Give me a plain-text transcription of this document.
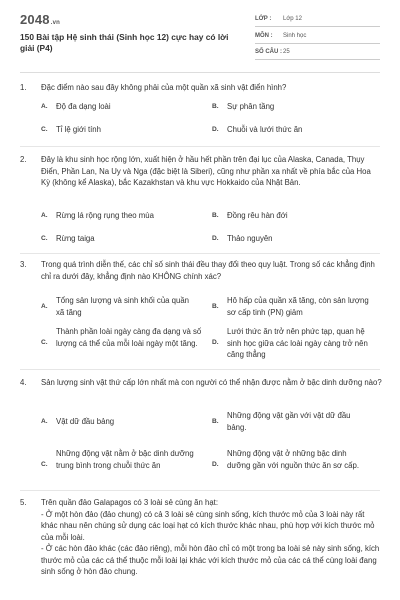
2048.vn
150 Bài tập Hệ sinh thái (Sinh học 12) cực hay có lời giải (P4)
LỚP : Lớp 12
MÔN : Sinh học
SỐ CÂU : 25
1.	Đặc điểm nào sau đây không phải của một quần xã sinh vật điển hình?
A. Độ đa dạng loài	B. Sự phân tầng
C. Tỉ lệ giới tính	D. Chuỗi và lưới thức ăn
2.	Đây là khu sinh học rộng lớn, xuất hiện ở hầu hết phần trên đại lục của Alaska, Canada, Thụy Điển, Phần Lan, Na Uy và Nga (đặc biệt là Siberi), cũng như phần xa nhất về phía bắc của Hoa Kỳ (không kể Alaska), bắc Kazakhstan và khu vực Hokkaido của Nhật Bản.
A. Rừng lá rộng rụng theo mùa	B. Đồng rêu hàn đới
C. Rừng taiga	D. Thảo nguyên
3.	Trong quá trình diễn thế, các chỉ số sinh thái đều thay đổi theo quy luật. Trong số các khẳng định chỉ ra dưới đây, khẳng định nào KHÔNG chính xác?
A.
Tổng sản lượng và sinh khối của quần xã tăng
B.
Hô hấp của quần xã tăng, còn sản lượng sơ cấp tinh (PN) giảm
C.
Thành phần loài ngày càng đa dạng và số lượng cá thể của mỗi loài ngày một tăng.	D.
Lưới thức ăn trở nên phức tạp, quan hệ sinh học giữa các loài ngày càng trở nên căng thẳng
4.	Sản lượng sinh vật thứ cấp lớn nhất mà con người có thể nhận được nằm ở bậc dinh dưỡng nào?
A. Vật dữ đầu bảng	B.
Những động vật gần với vật dữ đầu bảng.
C.
Những động vật nằm ở bậc dinh dưỡng trung bình trong chuỗi thức ăn	D.
Những động vật ở những bậc dinh dưỡng gần với nguồn thức ăn sơ cấp.
5.	Trên quần đảo Galapagos có 3 loài sẻ cùng ăn hạt:

- Ở một hòn đảo (đảo chung) có cả 3 loài sẻ cùng sinh sống, kích thước mỏ của 3 loài này rất khác nhau nên chúng sử dụng các loại hạt có kích thước khác nhau, phù hợp với kích thước mỏ của mỗi loài.

- Ở các hòn đảo khác (các đảo riêng), mỗi hòn đảo chỉ có một trong ba loài sẻ này sinh sống, kích thước mỏ của các cá thể thuộc mỗi loài lại khác với kích thước mỏ của các cá thể cùng loài đang sinh sống ở hòn đảo chung.
